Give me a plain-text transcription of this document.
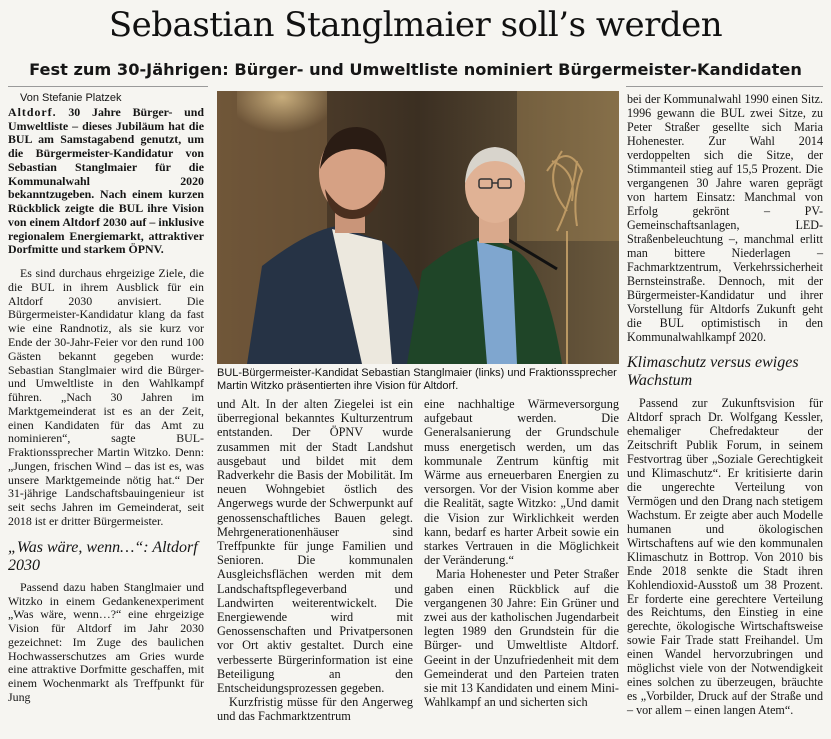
Sebastian Stanglmaier soll’s werden
Fest zum 30-Jährigen: Bürger- und Umweltliste nominiert Bürgermeister-Kandidaten

Von Stefanie Platzek

Altdorf. 30 Jahre Bürger- und Umweltliste – dieses Jubiläum hat die BUL am Samstagabend genutzt, um die Bürgermeister-Kandidatur von Sebastian Stanglmaier für die Kommunalwahl 2020 bekanntzugeben. Nach einem kurzen Rückblick zeigte die BUL ihre Vision von einem Altdorf 2030 auf – inklusive regionalem Energiemarkt, attraktiver Dorfmitte und starkem ÖPNV.

Es sind durchaus ehrgeizige Ziele, die die BUL in ihrem Ausblick für ein Altdorf 2030 anvisiert. Die Bürgermeister-Kandidatur klang da fast wie eine Randnotiz, als sie kurz vor Ende der 30-Jahr-Feier vor den rund 100 Gästen bekannt gegeben wurde: Sebastian Stanglmaier wird die Bürger- und Umweltliste in den Wahlkampf führen. „Nach 30 Jahren im Marktgemeinderat ist es an der Zeit, einen Kandidaten für das Amt zu nominieren“, sagte BUL-Fraktionssprecher Martin Witzko. Denn: „Jungen, frischen Wind – das ist es, was unsere Marktgemeinde nötig hat.“ Der 31-jährige Landschaftsbauingenieur ist seit sechs Jahren im Gemeinderat, seit 2018 ist er dritter Bürgermeister.

„Was wäre, wenn…“: Altdorf 2030

Passend dazu haben Stanglmaier und Witzko in einem Gedankenexperiment „Was wäre, wenn…?“ eine ehrgeizige Vision für Altdorf im Jahr 2030 gezeichnet: Im Zuge des baulichen Hochwasserschutzes am Gries wurde eine attraktive Dorfmitte geschaffen, mit einem Wochenmarkt als Treffpunkt für Jung

BUL-Bürgermeister-Kandidat Sebastian Stanglmaier (links) und Fraktionssprecher Martin Witzko präsentierten ihre Vision für Altdorf.

und Alt. In der alten Ziegelei ist ein überregional bekanntes Kulturzentrum entstanden. Der ÖPNV wurde zusammen mit der Stadt Landshut ausgebaut und bildet mit dem Radverkehr die Basis der Mobilität. Im neuen Wohngebiet östlich des Angerwegs wurde der Schwerpunkt auf genossenschaftliches Bauen gelegt. Mehrgenerationenhäuser sind Treffpunkte für junge Familien und Senioren. Die kommunalen Ausgleichsflächen werden mit dem Landschaftspflegeverband und Landwirten weiterentwickelt. Die Energiewende wird mit Genossenschaften und Privatpersonen vor Ort aktiv gestaltet. Durch eine verbesserte Bürgerinformation ist eine Beteiligung an den Entscheidungsprozessen gegeben.

Kurzfristig müsse für den Angerweg und das Fachmarktzentrum

eine nachhaltige Wärmeversorgung aufgebaut werden. Die Generalsanierung der Grundschule muss energetisch werden, um das kommunale Zentrum künftig mit Wärme aus erneuerbaren Energien zu versorgen. Vor der Vision komme aber die Realität, sagte Witzko: „Und damit die Vision zur Wirklichkeit werden kann, bedarf es harter Arbeit sowie ein starkes Vertrauen in die Möglichkeit der Veränderung.“

Maria Hohenester und Peter Straßer gaben einen Rückblick auf die vergangenen 30 Jahre: Ein Grüner und zwei aus der katholischen Jugendarbeit legten 1989 den Grundstein für die Bürger- und Umweltliste Altdorf. Geeint in der Unzufriedenheit mit dem Gemeinderat und den Parteien traten sie mit 13 Kandidaten und einem Mini-Wahlkampf an und sicherten sich

bei der Kommunalwahl 1990 einen Sitz. 1996 gewann die BUL zwei Sitze, zu Peter Straßer gesellte sich Maria Hohenester. Zur Wahl 2014 verdoppelten sich die Sitze, der Stimmanteil stieg auf 15,5 Prozent. Die vergangenen 30 Jahre waren geprägt von hartem Einsatz: Manchmal von Erfolg gekrönt – PV-Gemeinschaftsanlagen, LED-Straßenbeleuchtung –, manchmal erlitt man bittere Niederlagen – Fachmarktzentrum, Verkehrssicherheit Bernsteinstraße. Dennoch, mit der Bürgermeister-Kandidatur und ihrer Vorstellung für Altdorfs Zukunft geht die BUL optimistisch in den Kommunalwahlkampf 2020.

Klimaschutz versus ewiges Wachstum

Passend zur Zukunftsvision für Altdorf sprach Dr. Wolfgang Kessler, ehemaliger Chefredakteur der Zeitschrift Publik Forum, in seinem Festvortrag über „Soziale Gerechtigkeit und Klimaschutz“. Er kritisierte darin die ungerechte Verteilung von Vermögen und den Drang nach stetigem Wachstum. Er zeigte aber auch Modelle humanen und ökologischen Wirtschaftens auf wie den kommunalen Klimaschutz in Bottrop. Von 2010 bis Ende 2018 senkte die Stadt ihren Kohlendioxid-Ausstoß um 38 Prozent. Er forderte eine gerechtere Verteilung des Reichtums, den Einstieg in eine gerechte, ökologische Wirtschaftsweise sowie Fair Trade statt Freihandel. Um einen Wandel hervorzubringen und möglichst viele von der Notwendigkeit eines solchen zu überzeugen, bräuchte es „Vorbilder, Druck auf der Straße und – vor allem – einen langen Atem“.
